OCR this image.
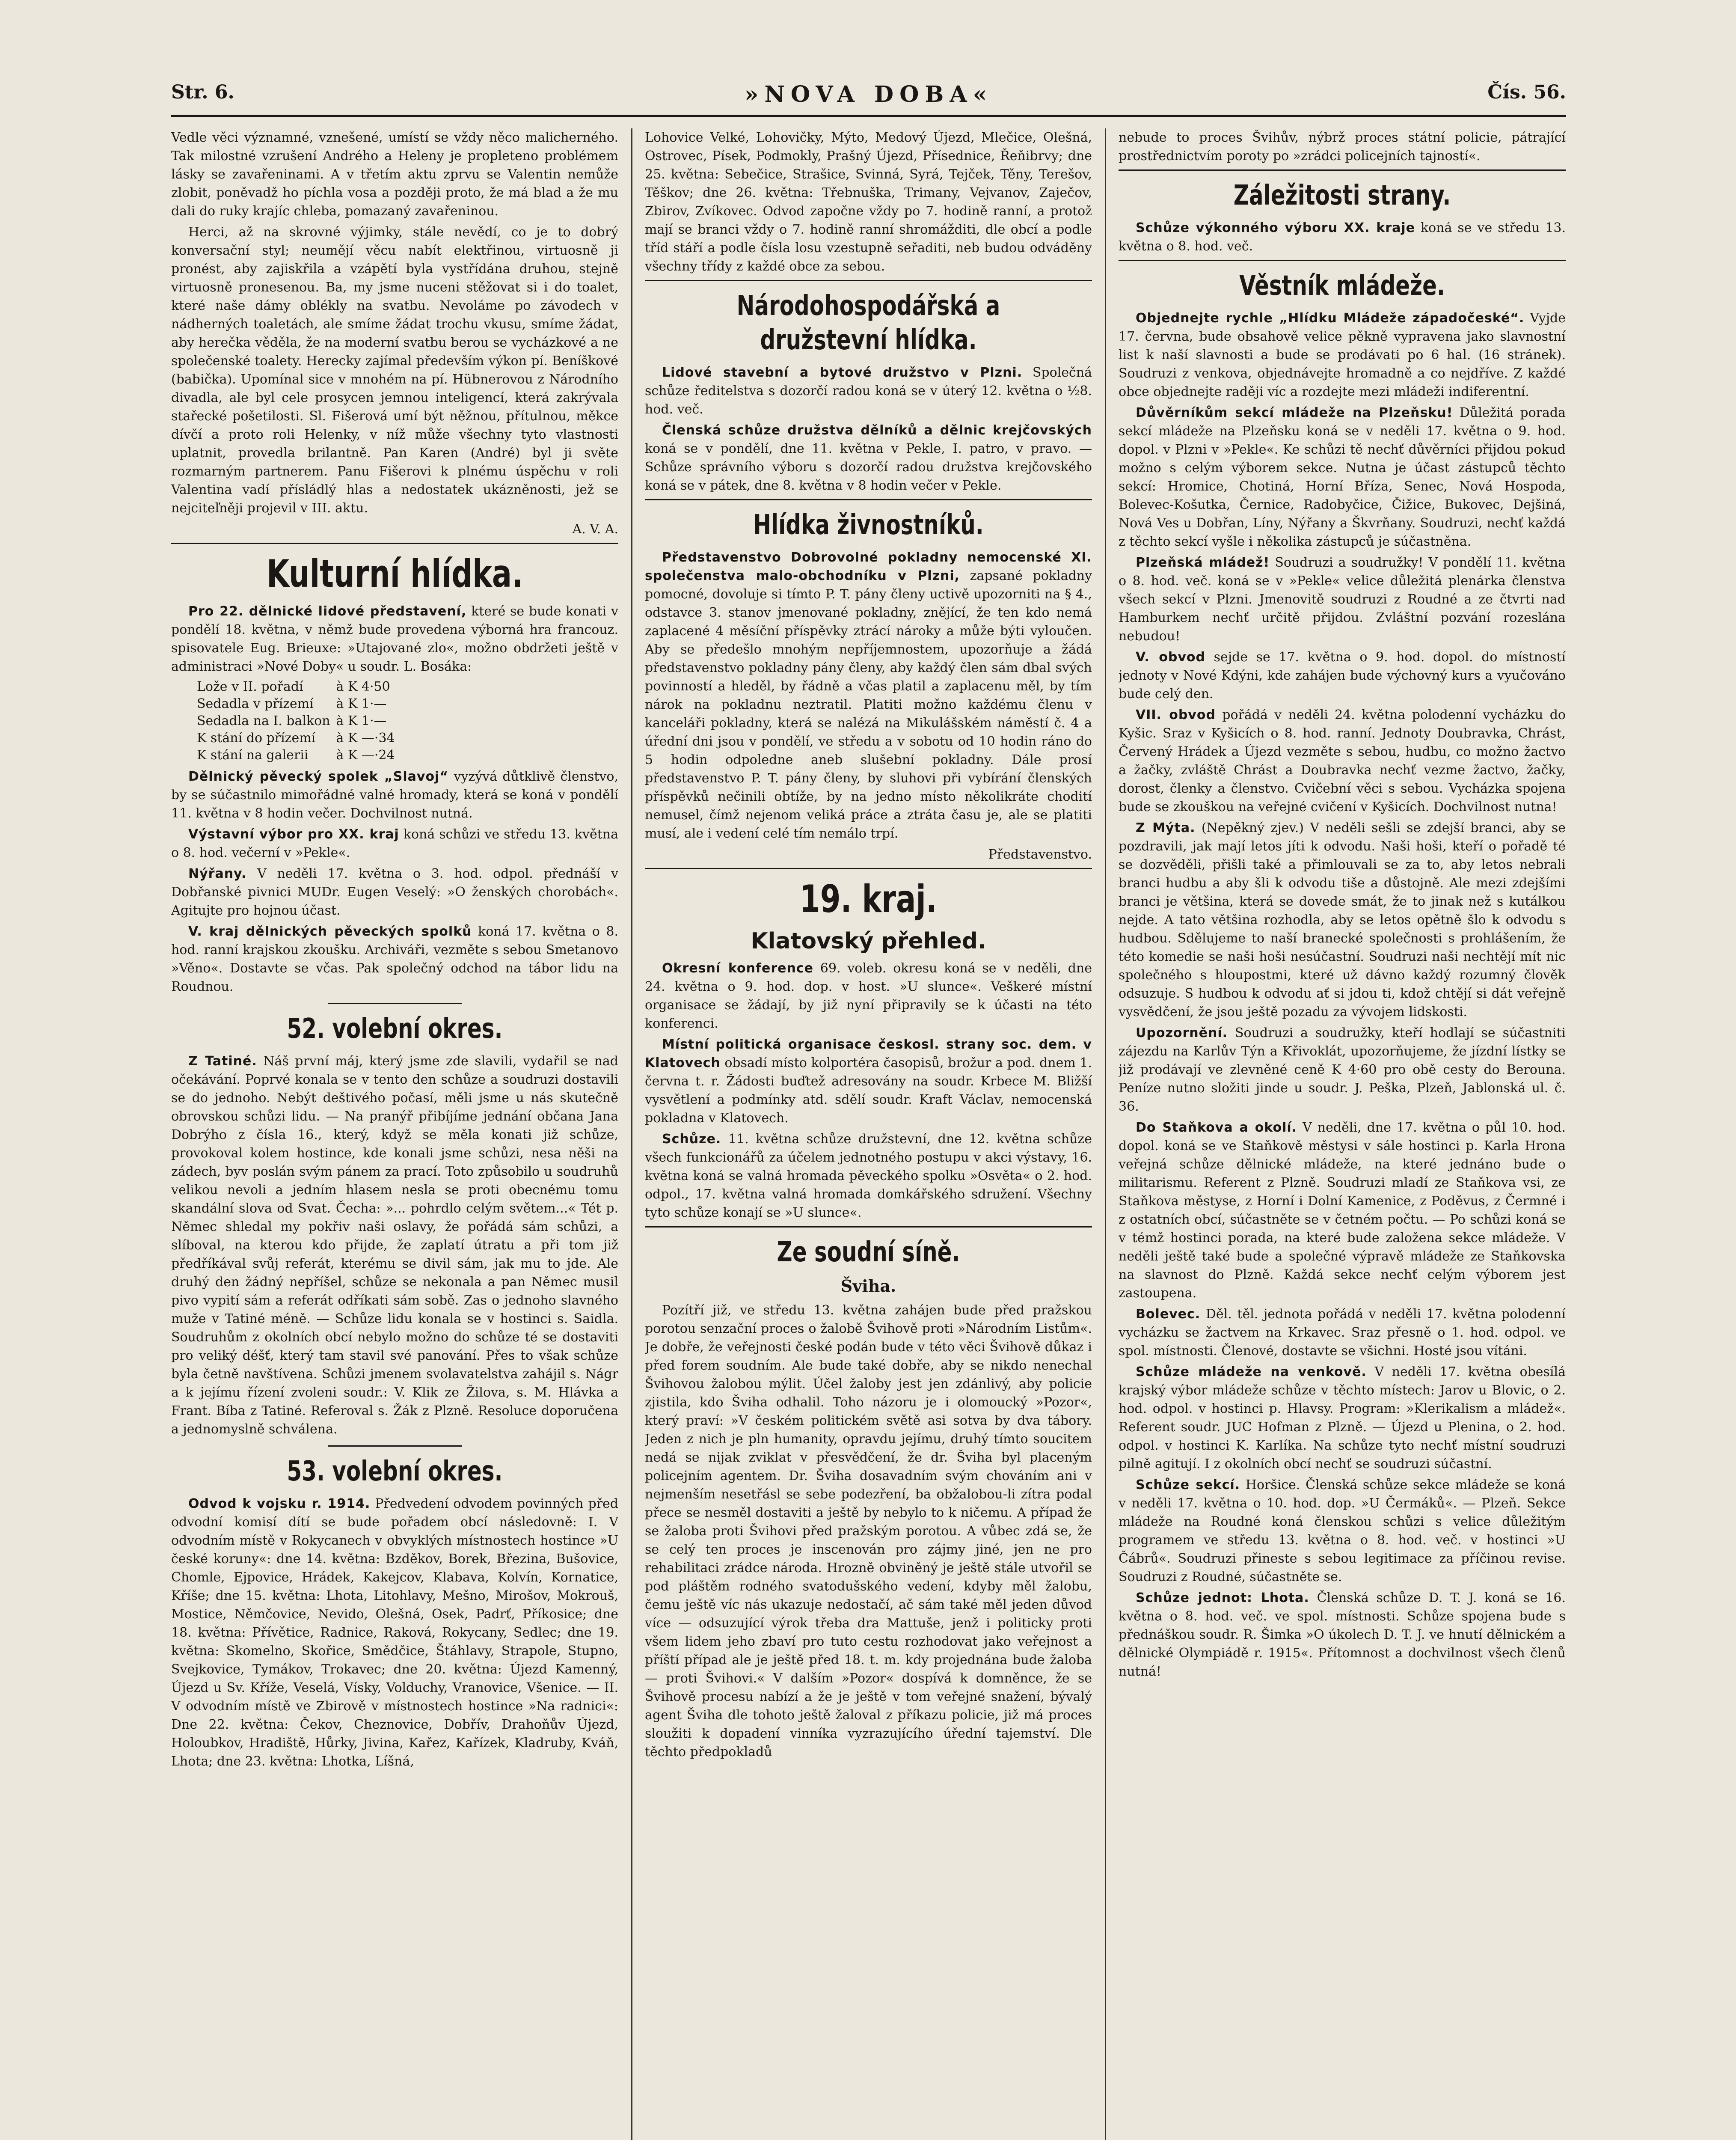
Str. 6.	»NOVA DOBA«	Čís. 56.

Vedle věci významné, vznešené, umístí se vždy něco malicherného. Tak milostné vzrušení Andrého a Heleny je propleteno problémem lásky se zavařeninami. A v třetím aktu zprvu se Valentin nemůže zlobit, poněvadž ho píchla vosa a později proto, že má blad a že mu dali do ruky krajíc chleba, pomazaný zavařeninou.

Herci, až na skrovné výjimky, stále nevědí, co je to dobrý konversační styl; neumějí věcu nabít elektřinou, virtuosně ji pronést, aby zajiskřila a vzápětí byla vystřídána druhou, stejně virtuosně pronesenou. Ba, my jsme nuceni stěžovat si i do toalet, které naše dámy oblékly na svatbu. Nevoláme po závodech v nádherných toaletách, ale smíme žádat trochu vkusu, smíme žádat, aby herečka věděla, že na moderní svatbu berou se vycházkové a ne společenské toalety. Herecky zajímal především výkon pí. Beníškové (babička). Upomínal sice v mnohém na pí. Hübnerovou z Národního divadla, ale byl cele prosycen jemnou inteligencí, která zakrývala stařecké pošetilosti. Sl. Fišerová umí být něžnou, přítulnou, měkce dívčí a proto roli Helenky, v níž může všechny tyto vlastnosti uplatnit, provedla brilantně. Pan Karen (André) byl ji světe rozmarným partnerem. Panu Fišerovi k plnému úspěchu v roli Valentina vadí přísládlý hlas a nedostatek ukázněnosti, jež se nejciteľněji projevil v III. aktu.

A. V. A.

Kulturní hlídka.

Pro 22. dělnické lidové představení, které se bude konati v pondělí 18. května, v němž bude provedena výborná hra francouz. spisovatele Eug. Brieuxe: »Utajované zlo«, možno obdržeti ještě v administraci »Nové Doby« u soudr. L. Bosáka:

Lože v II. pořadí	à K 4·50
Sedadla v přízemí	à K 1·—
Sedadla na I. balkon	à K 1·—
K stání do přízemí	à K —·34
K stání na galerii	à K —·24

Dělnický pěvecký spolek „Slavoj“ vyzývá důtklivě členstvo, by se súčastnilo mimořádné valné hromady, která se koná v pondělí 11. května v 8 hodin večer. Dochvilnost nutná.

Výstavní výbor pro XX. kraj koná schůzi ve středu 13. května o 8. hod. večerní v »Pekle«.

Nýřany. V neděli 17. května o 3. hod. odpol. přednáší v Dobřanské pivnici MUDr. Eugen Veselý: »O ženských chorobách«. Agitujte pro hojnou účast.

V. kraj dělnických pěveckých spolků koná 17. května o 8. hod. ranní krajskou zkoušku. Archiváři, vezměte s sebou Smetanovo »Věno«. Dostavte se včas. Pak společný odchod na tábor lidu na Roudnou.

52. volební okres.

Z Tatiné. Náš první máj, který jsme zde slavili, vydařil se nad očekávání. Poprvé konala se v tento den schůze a soudruzi dostavili se do jednoho. Nebýt deštivého počasí, měli jsme u nás skutečně obrovskou schůzi lidu. — Na pranýř přibíjíme jednání občana Jana Dobrýho z čísla 16., který, když se měla konati již schůze, provokoval kolem hostince, kde konali jsme schůzi, nesa něši na zádech, byv poslán svým pánem za prací. Toto způsobilo u soudruhů velikou nevoli a jedním hlasem nesla se proti obecnému tomu skandální slova od Svat. Čecha: »... pohrdlo celým světem...« Tét p. Němec shledal my pokřiv naši oslavy, že pořádá sám schůzi, a slíboval, na kterou kdo přijde, že zaplatí útratu a při tom již předříkával svůj referát, kterému se divil sám, jak mu to jde. Ale druhý den žádný nepříšel, schůze se nekonala a pan Němec musil pivo vypití sám a referát odříkati sám sobě. Zas o jednoho slavného muže v Tatiné méně. — Schůze lidu konala se v hostinci s. Saidla. Soudruhům z okolních obcí nebylo možno do schůze té se dostaviti pro veliký déšť, který tam stavil své panování. Přes to však schůze byla četně navštívena. Schůzi jmenem svolavatelstva zahájil s. Nágr a k jejímu řízení zvoleni soudr.: V. Klik ze Žilova, s. M. Hlávka a Frant. Bíba z Tatiné. Referoval s. Žák z Plzně. Resoluce doporučena a jednomyslně schválena.

53. volební okres.

Odvod k vojsku r. 1914. Předvedení odvodem povinných před odvodní komisí dítí se bude pořadem obcí následovně: I. V odvodním místě v Rokycanech v obvyklých místnostech hostince »U české koruny«: dne 14. května: Bzděkov, Borek, Březina, Bušovice, Chomle, Ejpovice, Hrádek, Kakejcov, Klabava, Kolvín, Kornatice, Kříše; dne 15. května: Lhota, Litohlavy, Mešno, Mirošov, Mokrouš, Mostice, Němčovice, Nevido, Olešná, Osek, Padrť, Příkosice; dne 18. května: Přívětice, Radnice, Raková, Rokycany, Sedlec; dne 19. května: Skomelno, Skořice, Smědčice, Štáhlavy, Strapole, Stupno, Svejkovice, Tymákov, Trokavec; dne 20. května: Újezd Kamenný, Újezd u Sv. Kříže, Veselá, Vísky, Volduchy, Vranovice, Všenice. — II. V odvodním místě ve Zbirově v místnostech hostince »Na radnici«: Dne 22. května: Čekov, Cheznovice, Dobřív, Drahoňův Újezd, Holoubkov, Hradiště, Hůrky, Jivina, Kařez, Kařízek, Kladruby, Kváň, Lhota; dne 23. května: Lhotka, Líšná,

Lohovice Velké, Lohovičky, Mýto, Medový Újezd, Mlečice, Olešná, Ostrovec, Písek, Podmokly, Prašný Újezd, Přísednice, Řeňibrvy; dne 25. května: Sebečice, Strašice, Svinná, Syrá, Tejček, Těny, Terešov, Těškov; dne 26. května: Třebnuška, Trimany, Vejvanov, Zaječov, Zbirov, Zvíkovec. Odvod započne vždy po 7. hodině ranní, a protož mají se branci vždy o 7. hodině ranní shromážditi, dle obcí a podle tříd stáří a podle čísla losu vzestupně seřaditi, neb budou odváděny všechny třídy z každé obce za sebou.

Národohospodářská a družstevní hlídka.

Lidové stavební a bytové družstvo v Plzni. Společná schůze ředitelstva s dozorčí radou koná se v úterý 12. května o ½8. hod. več.

Členská schůze družstva dělníků a dělnic krejčovských koná se v pondělí, dne 11. května v Pekle, I. patro, v pravo. — Schůze správního výboru s dozorčí radou družstva krejčovského koná se v pátek, dne 8. května v 8 hodin večer v Pekle.

Hlídka živnostníků.

Představenstvo Dobrovolné pokladny nemocenské XI. společenstva malo-obchodníku v Plzni, zapsané pokladny pomocné, dovoluje si tímto P. T. pány členy uctivě upozorniti na § 4., odstavce 3. stanov jmenované pokladny, znějící, že ten kdo nemá zaplacené 4 měsíční příspěvky ztrácí nároky a může býti vyloučen. Aby se předešlo mnohým nepříjemnostem, upozorňuje a žádá představenstvo pokladny pány členy, aby každý člen sám dbal svých povinností a hleděl, by řádně a včas platil a zaplacenu měl, by tím nárok na pokladnu neztratil. Platiti možno každému členu v kanceláři pokladny, která se nalézá na Mikulášském náměstí č. 4 a úřední dni jsou v pondělí, ve středu a v sobotu od 10 hodin ráno do 5 hodin odpoledne aneb slušební pokladny. Dále prosí představenstvo P. T. pány členy, by sluhovi při vybírání členských příspěvků nečinili obtíže, by na jedno místo několikráte chodití nemusel, čímž nejenom veliká práce a ztráta času je, ale se platiti musí, ale i vedení celé tím nemálo trpí.

Představenstvo.

19. kraj.
Klatovský přehled.

Okresní konference 69. voleb. okresu koná se v neděli, dne 24. května o 9. hod. dop. v host. »U slunce«. Veškeré místní organisace se žádají, by již nyní připravily se k účasti na této konferenci.

Místní politická organisace českosl. strany soc. dem. v Klatovech obsadí místo kolportéra časopisů, brožur a pod. dnem 1. června t. r. Žádosti buďtež adresovány na soudr. Krbece M. Bližší vysvětlení a podmínky atd. sdělí soudr. Kraft Václav, nemocenská pokladna v Klatovech.

Schůze. 11. května schůze družstevní, dne 12. května schůze všech funkcionářů za účelem jednotného postupu v akci výstavy, 16. května koná se valná hromada pěveckého spolku »Osvěta« o 2. hod. odpol., 17. května valná hromada domkářského sdružení. Všechny tyto schůze konají se »U slunce«.

Ze soudní síně.
Šviha.

Pozítří již, ve středu 13. května zahájen bude před pražskou porotou senzační proces o žalobě Švihově proti »Národním Listům«. Je dobře, že veřejnosti české podán bude v této věci Švihově důkaz i před forem soudním. Ale bude také dobře, aby se nikdo nenechal Švihovou žalobou mýlit. Účel žaloby jest jen zdánlivý, aby policie zjistila, kdo Šviha odhalil. Toho názoru je i olomoucký »Pozor«, který praví: »V českém politickém světě asi sotva by dva tábory. Jeden z nich je pln humanity, opravdu jejímu, druhý tímto soucitem nedá se nijak zviklat v přesvědčení, že dr. Šviha byl placeným policejním agentem. Dr. Šviha dosavadním svým chováním ani v nejmenším nesetřásl se sebe podezření, ba obžalobou-li zítra podal přece se nesměl dostaviti a ještě by nebylo to k ničemu. A případ že se žaloba proti Švihovi před pražským porotou. A vůbec zdá se, že se celý ten proces je inscenován pro zájmy jiné, jen ne pro rehabilitaci zrádce národa. Hrozně obviněný je ještě stále utvořil se pod pláštěm rodného svatodušského vedení, kdyby měl žalobu, čemu ještě víc nás ukazuje nedostačí, ač sám také měl jeden důvod více — odsuzující výrok třeba dra Mattuše, jenž i politicky proti všem lidem jeho zbaví pro tuto cestu rozhodovat jako veřejnost a příští případ ale je ještě před 18. t. m. kdy projednána bude žaloba — proti Švihovi.« V dalším »Pozor« dospívá k domněnce, že se Švihově procesu nabízí a že je ještě v tom veřejné snažení, bývalý agent Šviha dle tohoto ještě žaloval z příkazu policie, již má proces sloužiti k dopadení vinníka vyzrazujícího úřední tajemství. Dle těchto předpokladů

nebude to proces Švihův, nýbrž proces státní policie, pátrající prostřednictvím poroty po »zrádci policejních tajností«.

Záležitosti strany.

Schůze výkonného výboru XX. kraje koná se ve středu 13. května o 8. hod. več.

Věstník mládeže.

Objednejte rychle „Hlídku Mládeže západočeské“. Vyjde 17. června, bude obsahově velice pěkně vypravena jako slavnostní list k naší slavnosti a bude se prodávati po 6 hal. (16 stránek). Soudruzi z venkova, objednávejte hromadně a co nejdříve. Z každé obce objednejte raději víc a rozdejte mezi mládeži indiferentní.

Důvěrníkům sekcí mládeže na Plzeňsku! Důležitá porada sekcí mládeže na Plzeňsku koná se v neděli 17. května o 9. hod. dopol. v Plzni v »Pekle«. Ke schůzi tě nechť důvěrníci přijdou pokud možno s celým výborem sekce. Nutna je účast zástupců těchto sekcí: Hromice, Chotiná, Horní Bříza, Senec, Nová Hospoda, Bolevec-Košutka, Černice, Radobyčice, Čižice, Bukovec, Dejšiná, Nová Ves u Dobřan, Líny, Nýřany a Škvrňany. Soudruzi, nechť každá z těchto sekcí vyšle i několika zástupců je súčastněna.

Plzeňská mládež! Soudruzi a soudružky! V pondělí 11. května o 8. hod. več. koná se v »Pekle« velice důležitá plenárka členstva všech sekcí v Plzni. Jmenovitě soudruzi z Roudné a ze čtvrti nad Hamburkem nechť určitě přijdou. Zvláštní pozvání rozeslána nebudou!

V. obvod sejde se 17. května o 9. hod. dopol. do místností jednoty v Nové Kdýni, kde zahájen bude výchovný kurs a vyučováno bude celý den.

VII. obvod pořádá v neděli 24. května polodenní vycházku do Kyšic. Sraz v Kyšicích o 8. hod. ranní. Jednoty Doubravka, Chrást, Červený Hrádek a Újezd vezměte s sebou, hudbu, co možno žactvo a žačky, zvláště Chrást a Doubravka nechť vezme žactvo, žačky, dorost, členky a členstvo. Cvičební věci s sebou. Vycházka spojena bude se zkouškou na veřejné cvičení v Kyšicích. Dochvilnost nutna!

Z Mýta. (Nepěkný zjev.) V neděli sešli se zdejší branci, aby se pozdravili, jak mají letos jíti k odvodu. Naši hoši, kteří o pořadě té se dozvěděli, přišli také a přimlouvali se za to, aby letos nebrali branci hudbu a aby šli k odvodu tiše a důstojně. Ale mezi zdejšími branci je většina, která se dovede smát, že to jinak než s kutálkou nejde. A tato většina rozhodla, aby se letos opětně šlo k odvodu s hudbou. Sdělujeme to naší branecké společnosti s prohlášením, že této komedie se naši hoši nesúčastní. Soudruzi naši nechtějí mít nic společného s hloupostmi, které už dávno každý rozumný člověk odsuzuje. S hudbou k odvodu ať si jdou ti, kdož chtějí si dát veřejně vysvědčení, že jsou ještě pozadu za vývojem lidskosti.

Upozornění. Soudruzi a soudružky, kteří hodlají se súčastniti zájezdu na Karlův Týn a Křivoklát, upozorňujeme, že jízdní lístky se již prodávají ve zlevněné ceně K 4·60 pro obě cesty do Berouna. Peníze nutno složiti jinde u soudr. J. Peška, Plzeň, Jablonská ul. č. 36.

Do Staňkova a okolí. V neděli, dne 17. května o půl 10. hod. dopol. koná se ve Staňkově městysi v sále hostinci p. Karla Hrona veřejná schůze dělnické mládeže, na které jednáno bude o militarismu. Referent z Plzně. Soudruzi mladí ze Staňkova vsi, ze Staňkova městyse, z Horní i Dolní Kamenice, z Poděvus, z Čermné i z ostatních obcí, súčastněte se v četném počtu. — Po schůzi koná se v témž hostinci porada, na které bude založena sekce mládeže. V neděli ještě také bude a společné výpravě mládeže ze Staňkovska na slavnost do Plzně. Každá sekce nechť celým výborem jest zastoupena.

Bolevec. Děl. těl. jednota pořádá v neděli 17. května polodenní vycházku se žactvem na Krkavec. Sraz přesně o 1. hod. odpol. ve spol. místnosti. Členové, dostavte se všichni. Hosté jsou vítáni.

Schůze mládeže na venkově. V neděli 17. května obesílá krajský výbor mládeže schůze v těchto místech: Jarov u Blovic, o 2. hod. odpol. v hostinci p. Hlavsy. Program: »Klerikalism a mládež«. Referent soudr. JUC Hofman z Plzně. — Újezd u Plenina, o 2. hod. odpol. v hostinci K. Karlíka. Na schůze tyto nechť místní soudruzi pilně agitují. I z okolních obcí nechť se soudruzi súčastní.

Schůze sekcí. Horšice. Členská schůze sekce mládeže se koná v neděli 17. května o 10. hod. dop. »U Čermáků«. — Plzeň. Sekce mládeže na Roudné koná členskou schůzi s velice důležitým programem ve středu 13. května o 8. hod. več. v hostinci »U Čábrů«. Soudruzi přineste s sebou legitimace za příčinou revise. Soudruzi z Roudné, súčastněte se.

Schůze jednot: Lhota. Členská schůze D. T. J. koná se 16. května o 8. hod. več. ve spol. místnosti. Schůze spojena bude s přednáškou soudr. R. Šimka »O úkolech D. T. J. ve hnutí dělnickém a dělnické Olympiádě r. 1915«. Přítomnost a dochvilnost všech členů nutná!
